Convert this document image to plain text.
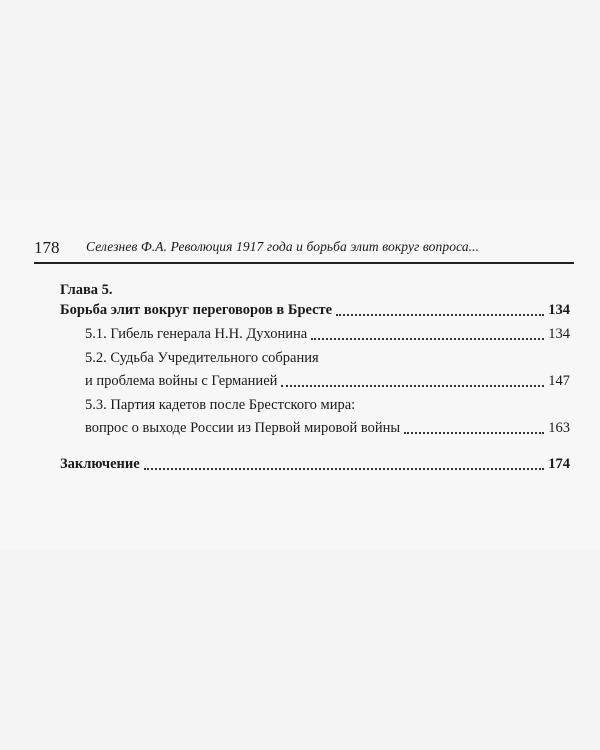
178 Селезнев Ф.А. Революция 1917 года и борьба элит вокруг вопроса...
Глава 5.
Борьба элит вокруг переговоров в Бресте	134
5.1. Гибель генерала Н.Н. Духонина	134
5.2. Судьба Учредительного собрания
и проблема войны с Германией	147
5.3. Партия кадетов после Брестского мира:
вопрос о выходе России из Первой мировой войны	163
Заключение	174
